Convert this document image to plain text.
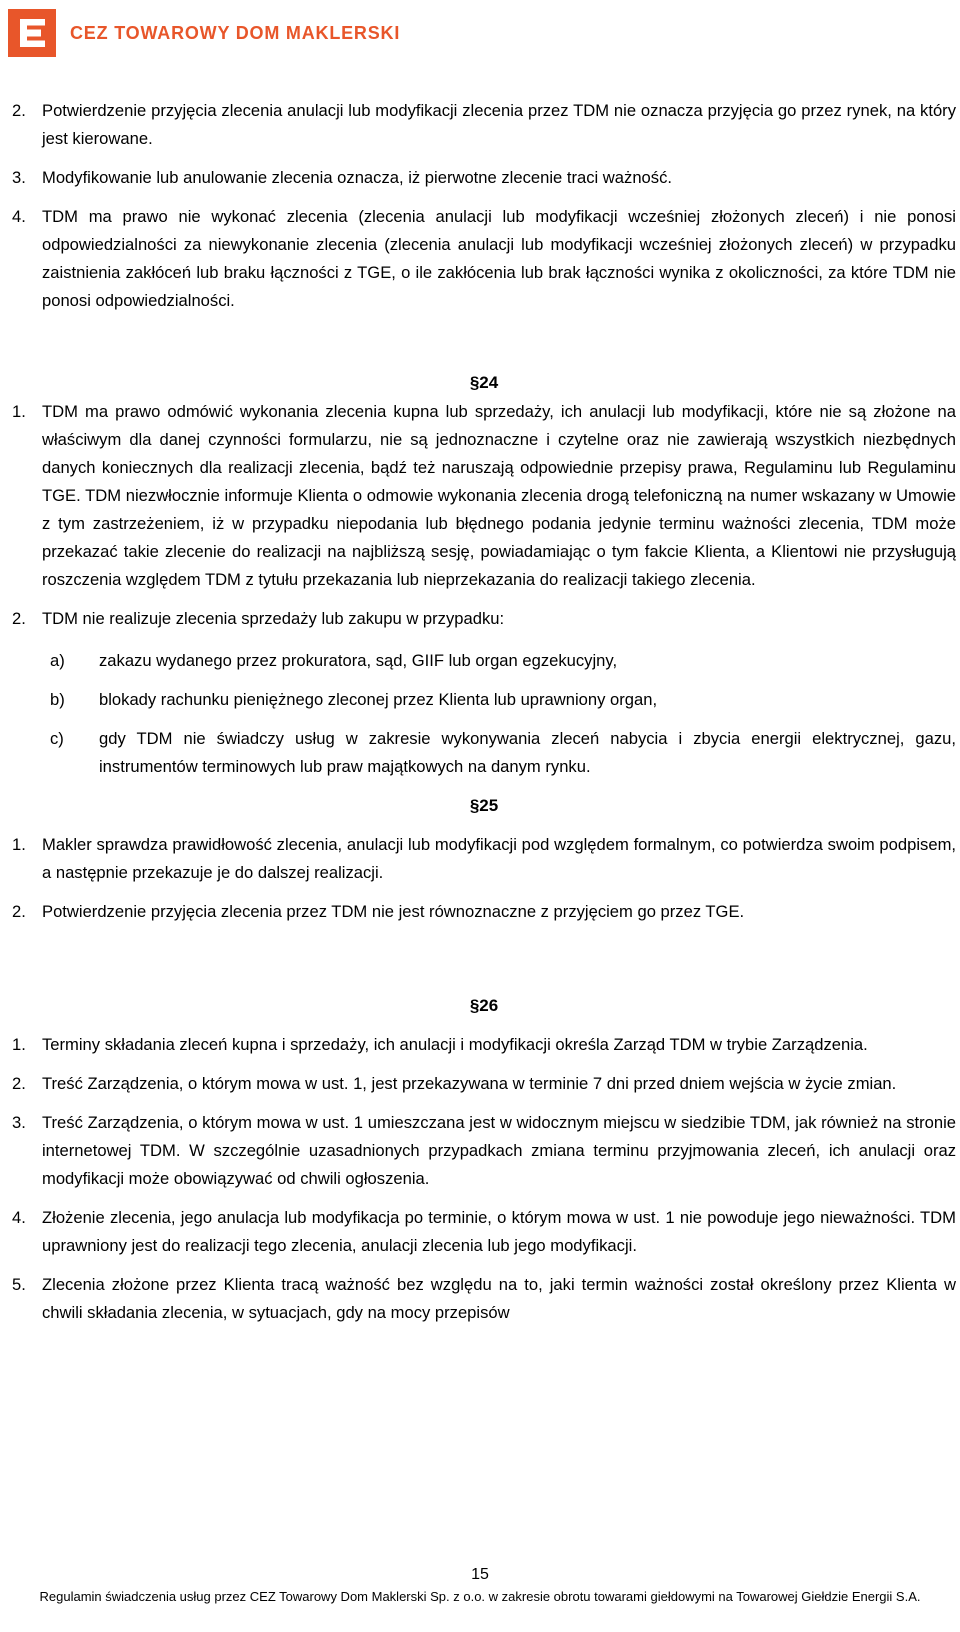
CEZ TOWAROWY DOM MAKLERSKI
2. Potwierdzenie przyjęcia zlecenia anulacji lub modyfikacji zlecenia przez TDM nie oznacza przyjęcia go przez rynek, na który jest kierowane.
3. Modyfikowanie lub anulowanie zlecenia oznacza, iż pierwotne zlecenie traci ważność.
4. TDM ma prawo nie wykonać zlecenia (zlecenia anulacji lub modyfikacji wcześniej złożonych zleceń) i nie ponosi odpowiedzialności za niewykonanie zlecenia (zlecenia anulacji lub modyfikacji wcześniej złożonych zleceń) w przypadku zaistnienia zakłóceń lub braku łączności z TGE, o ile zakłócenia lub brak łączności wynika z okoliczności, za które TDM nie ponosi odpowiedzialności.
§24
1. TDM ma prawo odmówić wykonania zlecenia kupna lub sprzedaży, ich anulacji lub modyfikacji, które nie są złożone na właściwym dla danej czynności formularzu, nie są jednoznaczne i czytelne oraz nie zawierają wszystkich niezbędnych danych koniecznych dla realizacji zlecenia, bądź też naruszają odpowiednie przepisy prawa, Regulaminu lub Regulaminu TGE. TDM niezwłocznie informuje Klienta o odmowie wykonania zlecenia drogą telefoniczną na numer wskazany w Umowie z tym zastrzeżeniem, iż w przypadku niepodania lub błędnego podania jedynie terminu ważności zlecenia, TDM może przekazać takie zlecenie do realizacji na najbliższą sesję, powiadamiając o tym fakcie Klienta, a Klientowi nie przysługują roszczenia względem TDM z tytułu przekazania lub nieprzekazania do realizacji takiego zlecenia.
2. TDM nie realizuje zlecenia sprzedaży lub zakupu w przypadku:
a)	zakazu wydanego przez prokuratora, sąd, GIIF lub organ egzekucyjny,
b)	blokady rachunku pieniężnego zleconej przez Klienta lub uprawniony organ,
c)	gdy TDM nie świadczy usług w zakresie wykonywania zleceń nabycia i zbycia energii elektrycznej, gazu, instrumentów terminowych lub praw majątkowych na danym rynku.
§25
1. Makler sprawdza prawidłowość zlecenia, anulacji lub modyfikacji pod względem formalnym, co potwierdza swoim podpisem, a następnie przekazuje je do dalszej realizacji.
2. Potwierdzenie przyjęcia zlecenia przez TDM nie jest równoznaczne z przyjęciem go przez TGE.
§26
1. Terminy składania zleceń kupna i sprzedaży, ich anulacji i modyfikacji określa Zarząd TDM w trybie Zarządzenia.
2. Treść Zarządzenia, o którym mowa w ust. 1, jest przekazywana w terminie 7 dni przed dniem wejścia w życie zmian.
3. Treść Zarządzenia, o którym mowa w ust. 1 umieszczana jest w widocznym miejscu w siedzibie TDM, jak również na stronie internetowej TDM. W szczególnie uzasadnionych przypadkach zmiana terminu przyjmowania zleceń, ich anulacji oraz modyfikacji może obowiązywać od chwili ogłoszenia.
4. Złożenie zlecenia, jego anulacja lub modyfikacja po terminie, o którym mowa w ust. 1 nie powoduje jego nieważności. TDM uprawniony jest do realizacji tego zlecenia, anulacji zlecenia lub jego modyfikacji.
5. Zlecenia złożone przez Klienta tracą ważność bez względu na to, jaki termin ważności został określony przez Klienta w chwili składania zlecenia, w sytuacjach, gdy na mocy przepisów
15
Regulamin świadczenia usług przez CEZ Towarowy Dom Maklerski Sp. z o.o. w zakresie obrotu towarami giełdowymi na Towarowej Giełdzie Energii S.A.
